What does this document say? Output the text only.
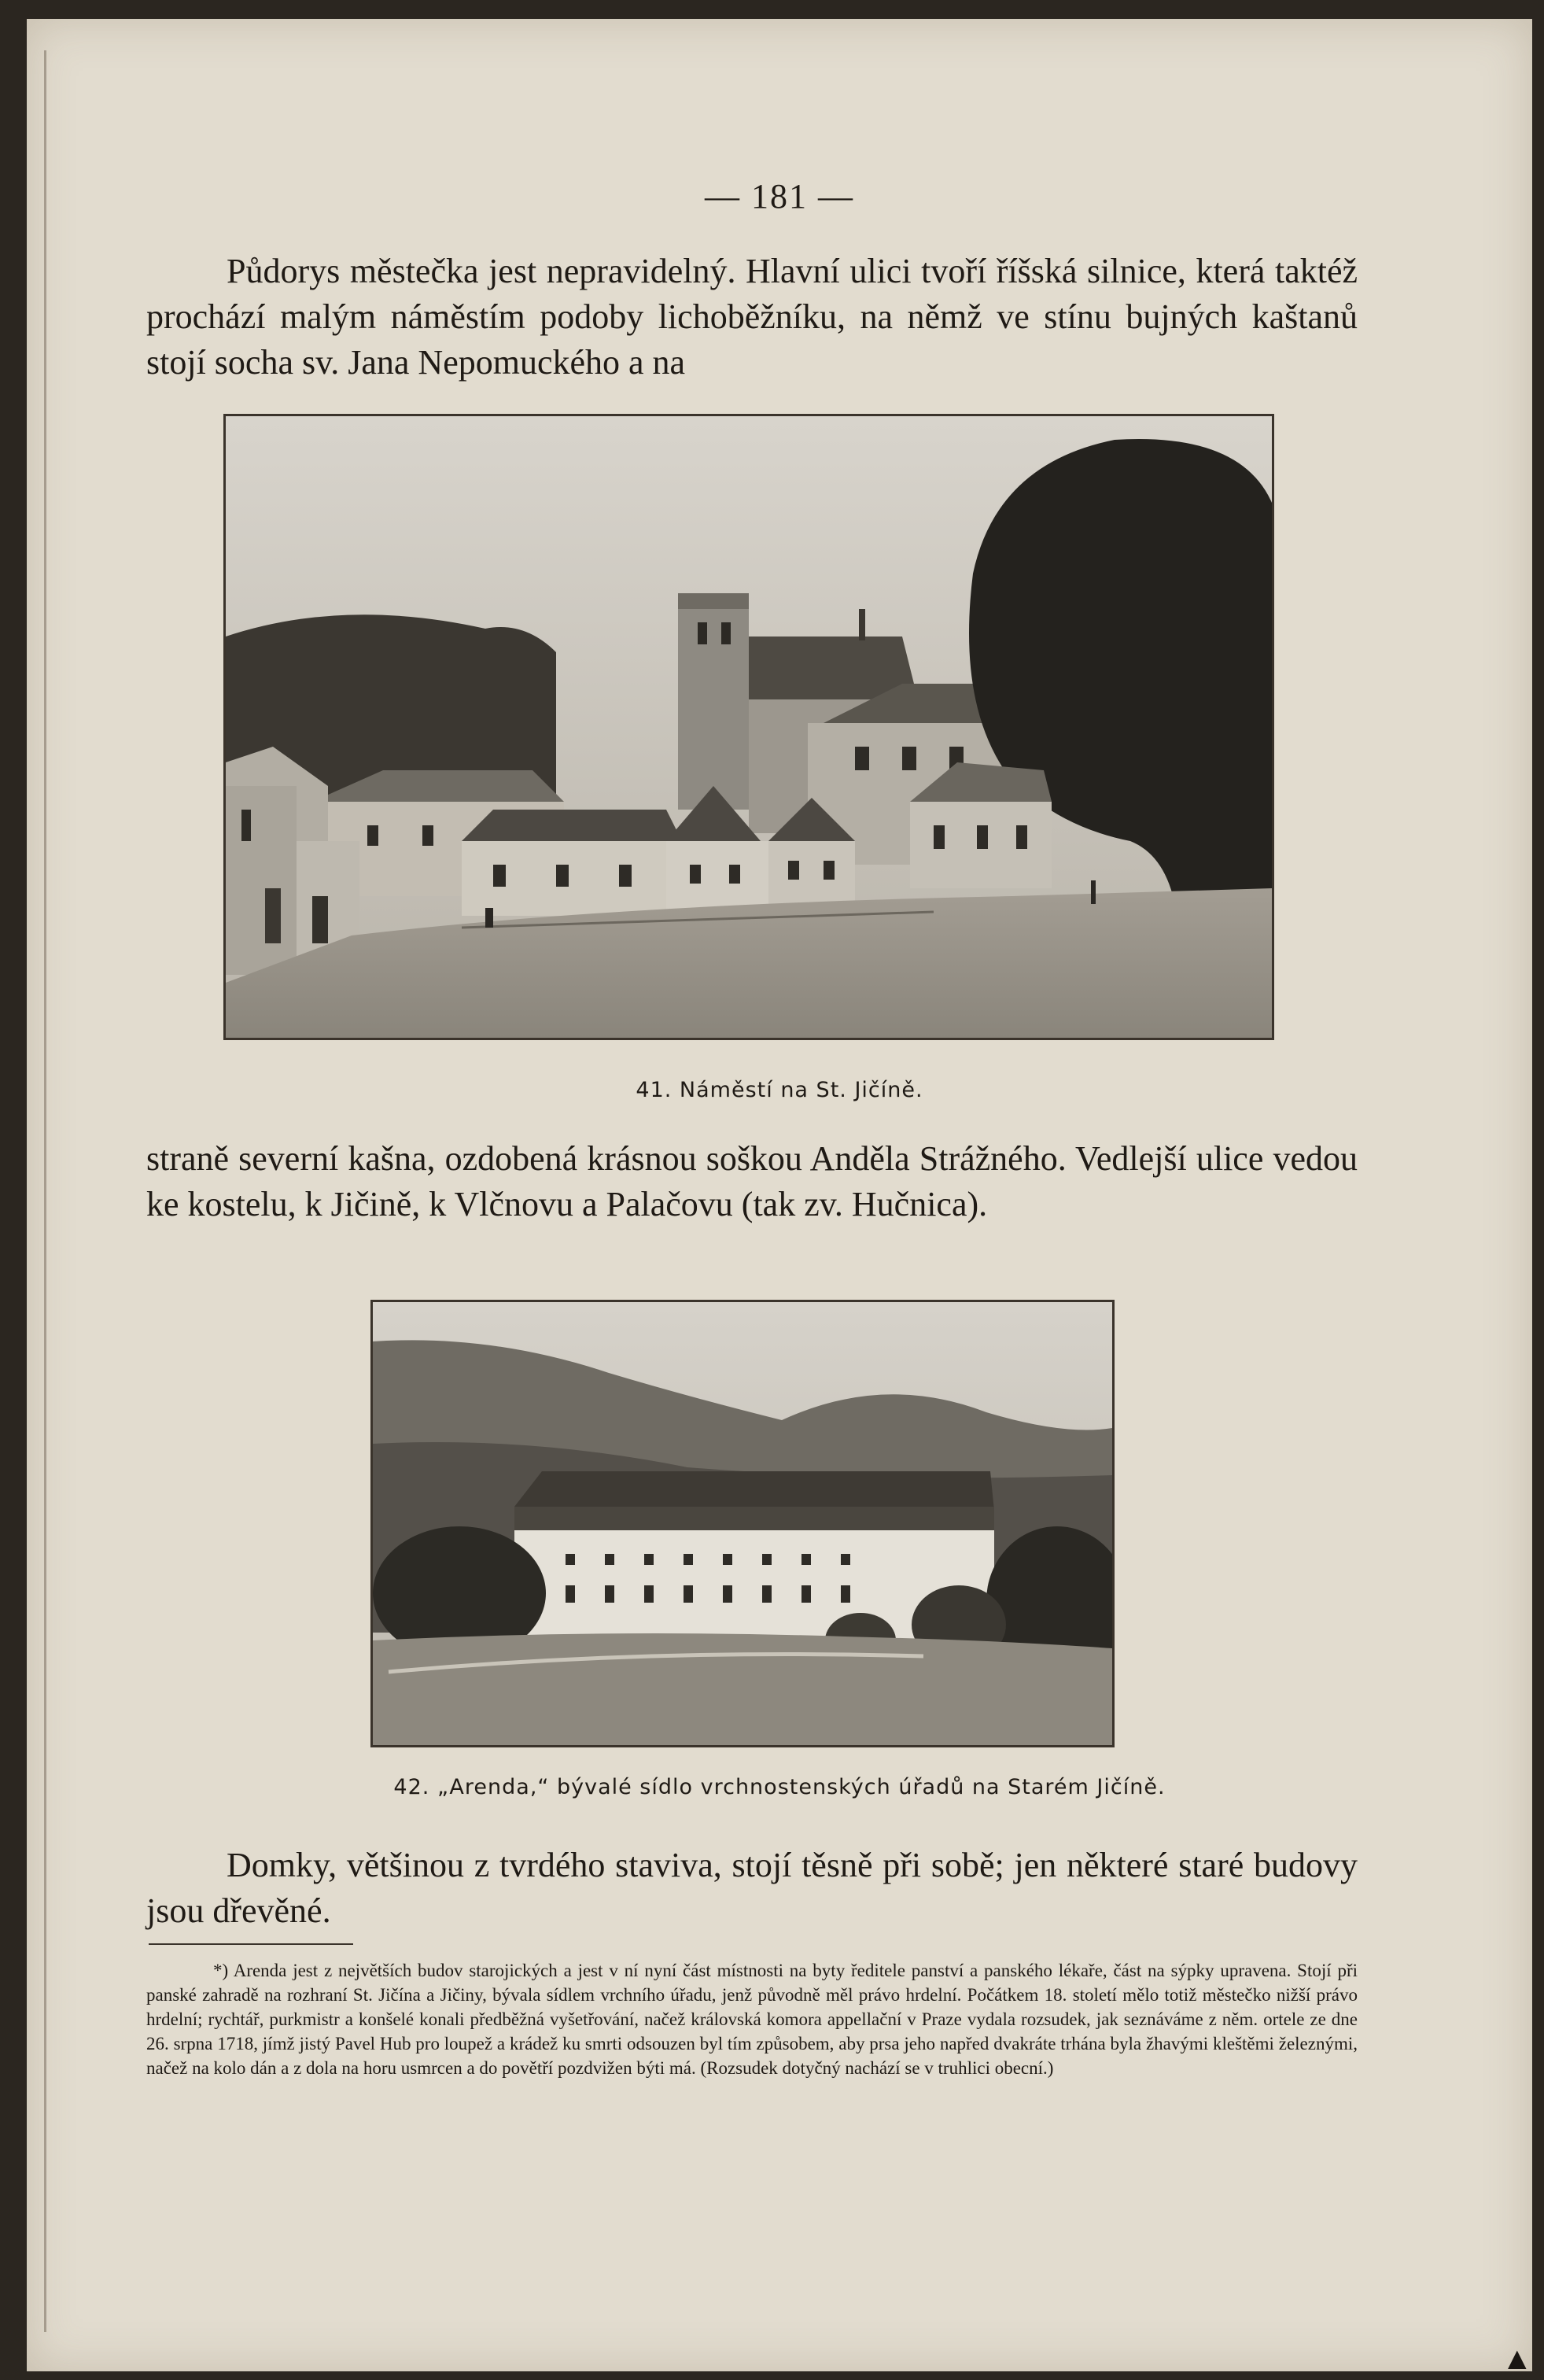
— 181 —

Půdorys městečka jest nepravidelný. Hlavní ulici tvoří říšská silnice, která taktéž prochází malým náměstím podoby lichoběžníku, na němž ve stínu bujných kaštanů stojí socha sv. Jana Nepomuckého a na

41. Náměstí na St. Jičíně.

straně severní kašna, ozdobená krásnou soškou Anděla Strážného. Vedlejší ulice vedou ke kostelu, k Jičině, k Vlčnovu a Palačovu (tak zv. Hučnica).

42. „Arenda,“ bývalé sídlo vrchnostenských úřadů na Starém Jičíně.

Domky, většinou z tvrdého staviva, stojí těsně při sobě; jen některé staré budovy jsou dřevěné.

*) Arenda jest z největších budov starojických a jest v ní nyní část místnosti na byty ředitele panství a panského lékaře, část na sýpky upravena. Stojí při panské zahradě na rozhraní St. Jičína a Jičiny, bývala sídlem vrchního úřadu, jenž původně měl právo hrdelní. Počátkem 18. století mělo totiž městečko nižší právo hrdelní; rychtář, purkmistr a konšelé konali předběžná vyšetřování, načež královská komora appellační v Praze vydala rozsudek, jak seznáváme z něm. ortele ze dne 26. srpna 1718, jímž jistý Pavel Hub pro loupež a krádež ku smrti odsouzen byl tím způsobem, aby prsa jeho napřed dvakráte trhána byla žhavými kleštěmi železnými, načež na kolo dán a z dola na horu usmrcen a do povětří pozdvižen býti má. (Rozsudek dotyčný nachází se v truhlici obecní.)

▲
